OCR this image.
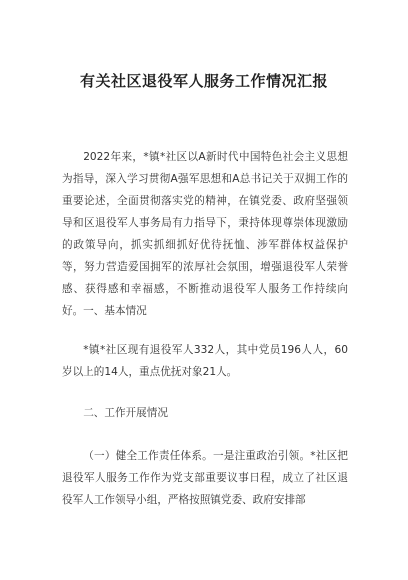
有关社区退役军人服务工作情况汇报

2022年来，*镇*社区以A新时代中国特色社会主义思想为指导，深入学习贯彻A强军思想和A总书记关于双拥工作的重要论述，全面贯彻落实党的精神，在镇党委、政府坚强领导和区退役军人事务局有力指导下，秉持体现尊崇体现激励的政策导向，抓实抓细抓好优待抚恤、涉军群体权益保护等，努力营造爱国拥军的浓厚社会氛围，增强退役军人荣誉感、获得感和幸福感，不断推动退役军人服务工作持续向好。一、基本情况

*镇*社区现有退役军人332人，其中党员196人人，60岁以上的14人，重点优抚对象21人。

二、工作开展情况

（一）健全工作责任体系。一是注重政治引领。*社区把退役军人服务工作作为党支部重要议事日程，成立了社区退役军人工作领导小组，严格按照镇党委、政府安排部
